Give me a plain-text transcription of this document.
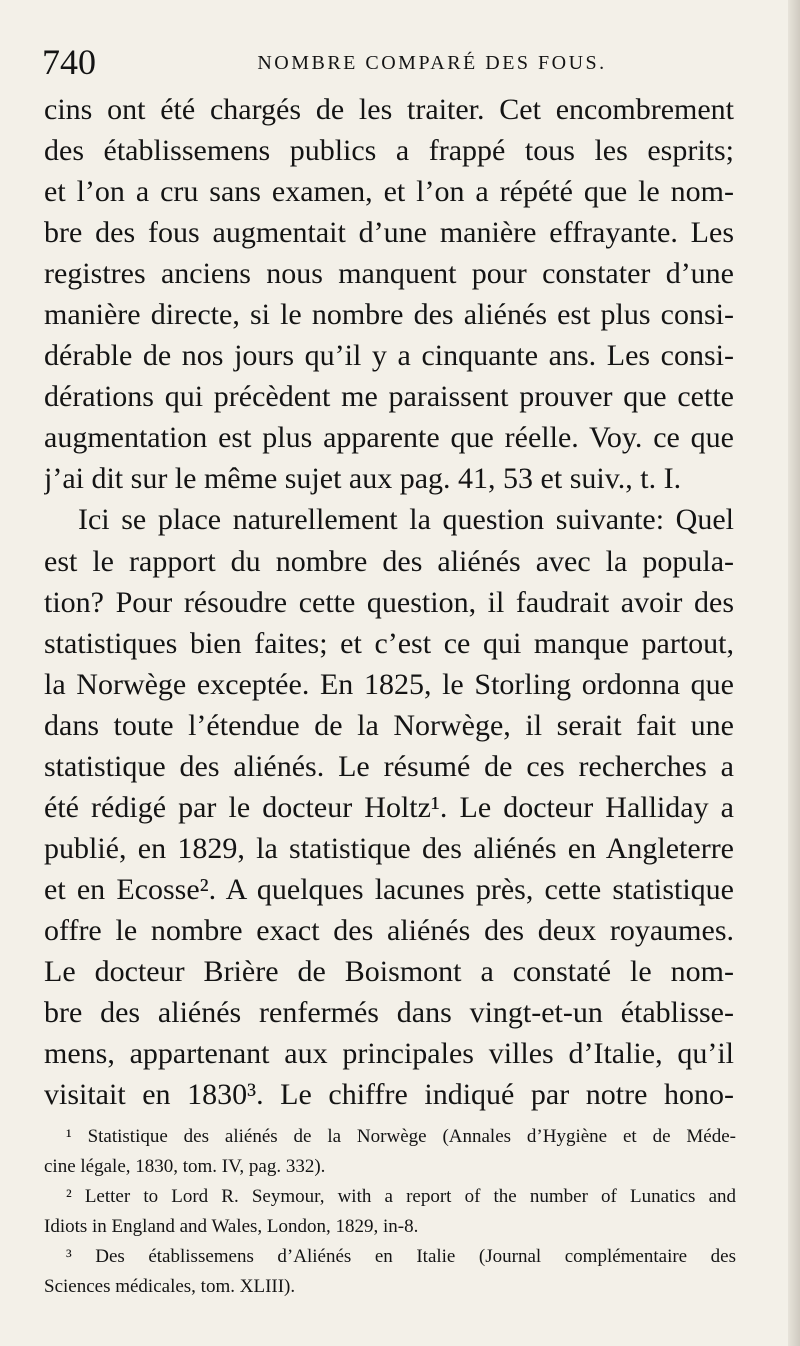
740	NOMBRE COMPARÉ DES FOUS.
cins ont été chargés de les traiter. Cet encombrement
des établissemens publics a frappé tous les esprits;
et l’on a cru sans examen, et l’on a répété que le nom-
bre des fous augmentait d’une manière effrayante. Les
registres anciens nous manquent pour constater d’une
manière directe, si le nombre des aliénés est plus consi-
dérable de nos jours qu’il y a cinquante ans. Les consi-
dérations qui précèdent me paraissent prouver que cette
augmentation est plus apparente que réelle. Voy. ce que
j’ai dit sur le même sujet aux pag. 41, 53 et suiv., t. I.
Ici se place naturellement la question suivante: Quel
est le rapport du nombre des aliénés avec la popula-
tion? Pour résoudre cette question, il faudrait avoir des
statistiques bien faites; et c’est ce qui manque partout,
la Norwège exceptée. En 1825, le Storling ordonna que
dans toute l’étendue de la Norwège, il serait fait une
statistique des aliénés. Le résumé de ces recherches a
été rédigé par le docteur Holtz¹. Le docteur Halliday a
publié, en 1829, la statistique des aliénés en Angleterre
et en Ecosse². A quelques lacunes près, cette statistique
offre le nombre exact des aliénés des deux royaumes.
Le docteur Brière de Boismont a constaté le nom-
bre des aliénés renfermés dans vingt-et-un établisse-
mens, appartenant aux principales villes d’Italie, qu’il
visitait en 1830³. Le chiffre indiqué par notre hono-
¹ Statistique des aliénés de la Norwège (Annales d’Hygiène et de Méde-
cine légale, 1830, tom. IV, pag. 332).
² Letter to Lord R. Seymour, with a report of the number of Lunatics and
Idiots in England and Wales, London, 1829, in-8.
³ Des établissemens d’Aliénés en Italie (Journal complémentaire des
Sciences médicales, tom. XLIII).
